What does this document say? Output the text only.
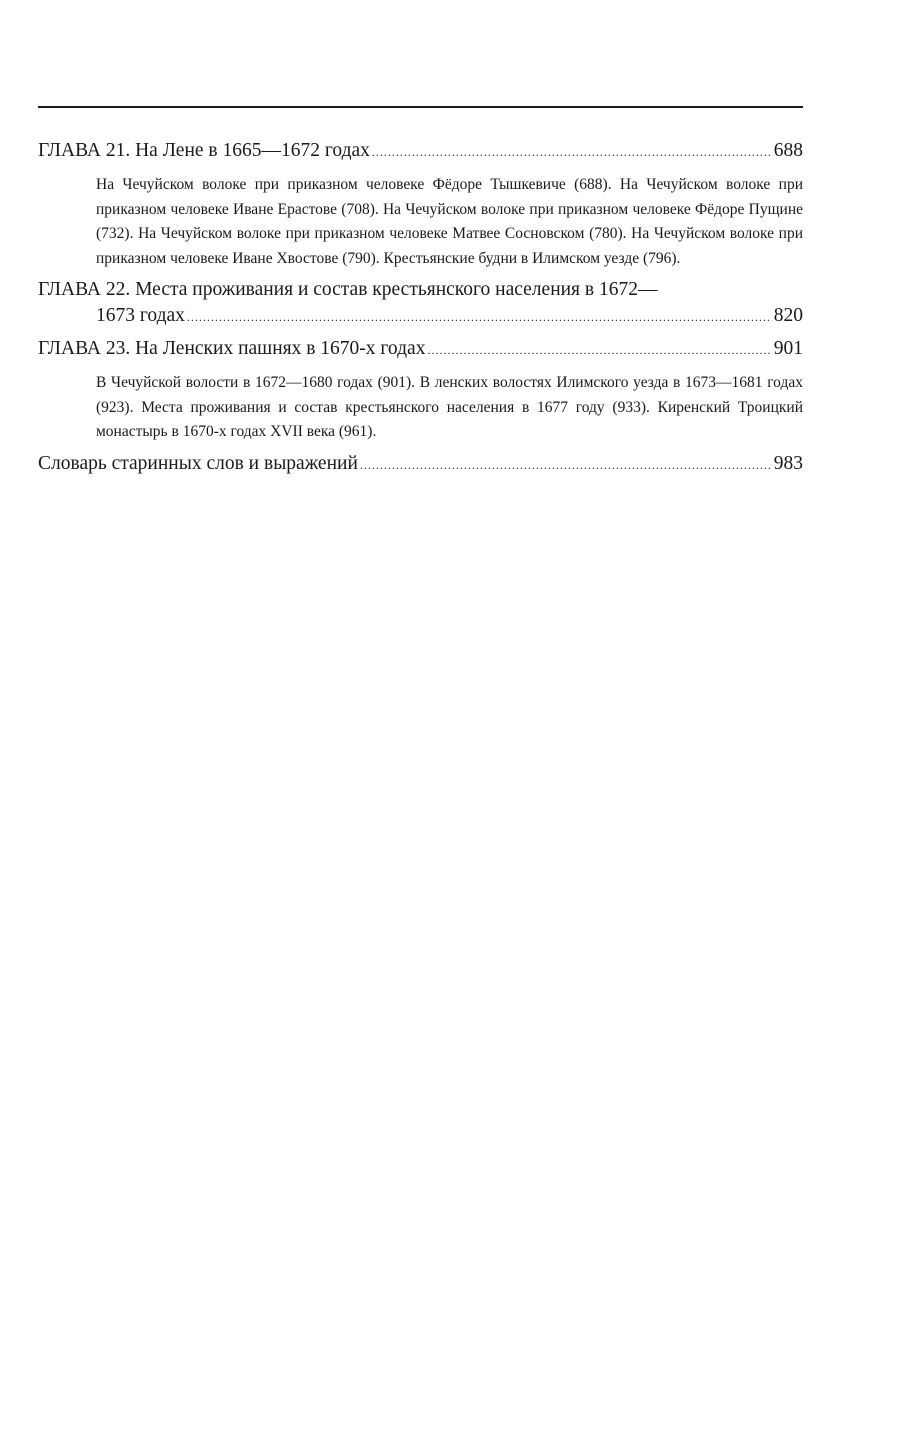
ГЛАВА 21. На Лене в 1665—1672 годах .....	688
На Чечуйском волоке при приказном человеке Фёдоре Тышкевиче (688). На Чечуйском волоке при приказном человеке Иване Ерастове (708). На Чечуйском волоке при приказном человеке Фёдоре Пущине (732). На Чечуйском волоке при приказном человеке Матвее Сосновском (780). На Чечуйском волоке при приказном человеке Иване Хвостове (790). Крестьянские будни в Илимском уезде (796).
ГЛАВА 22. Места проживания и состав крестьянского населения в 1672—
1673 годах .....	820
ГЛАВА 23. На Ленских пашнях в 1670-х годах .....	901
В Чечуйской волости в 1672—1680 годах (901). В ленских волостях Илимского уезда в 1673—1681 годах (923). Места проживания и состав крестьянского населения в 1677 году (933). Киренский Троицкий монастырь в 1670-х годах XVII века (961).
Словарь старинных слов и выражений .....	983
